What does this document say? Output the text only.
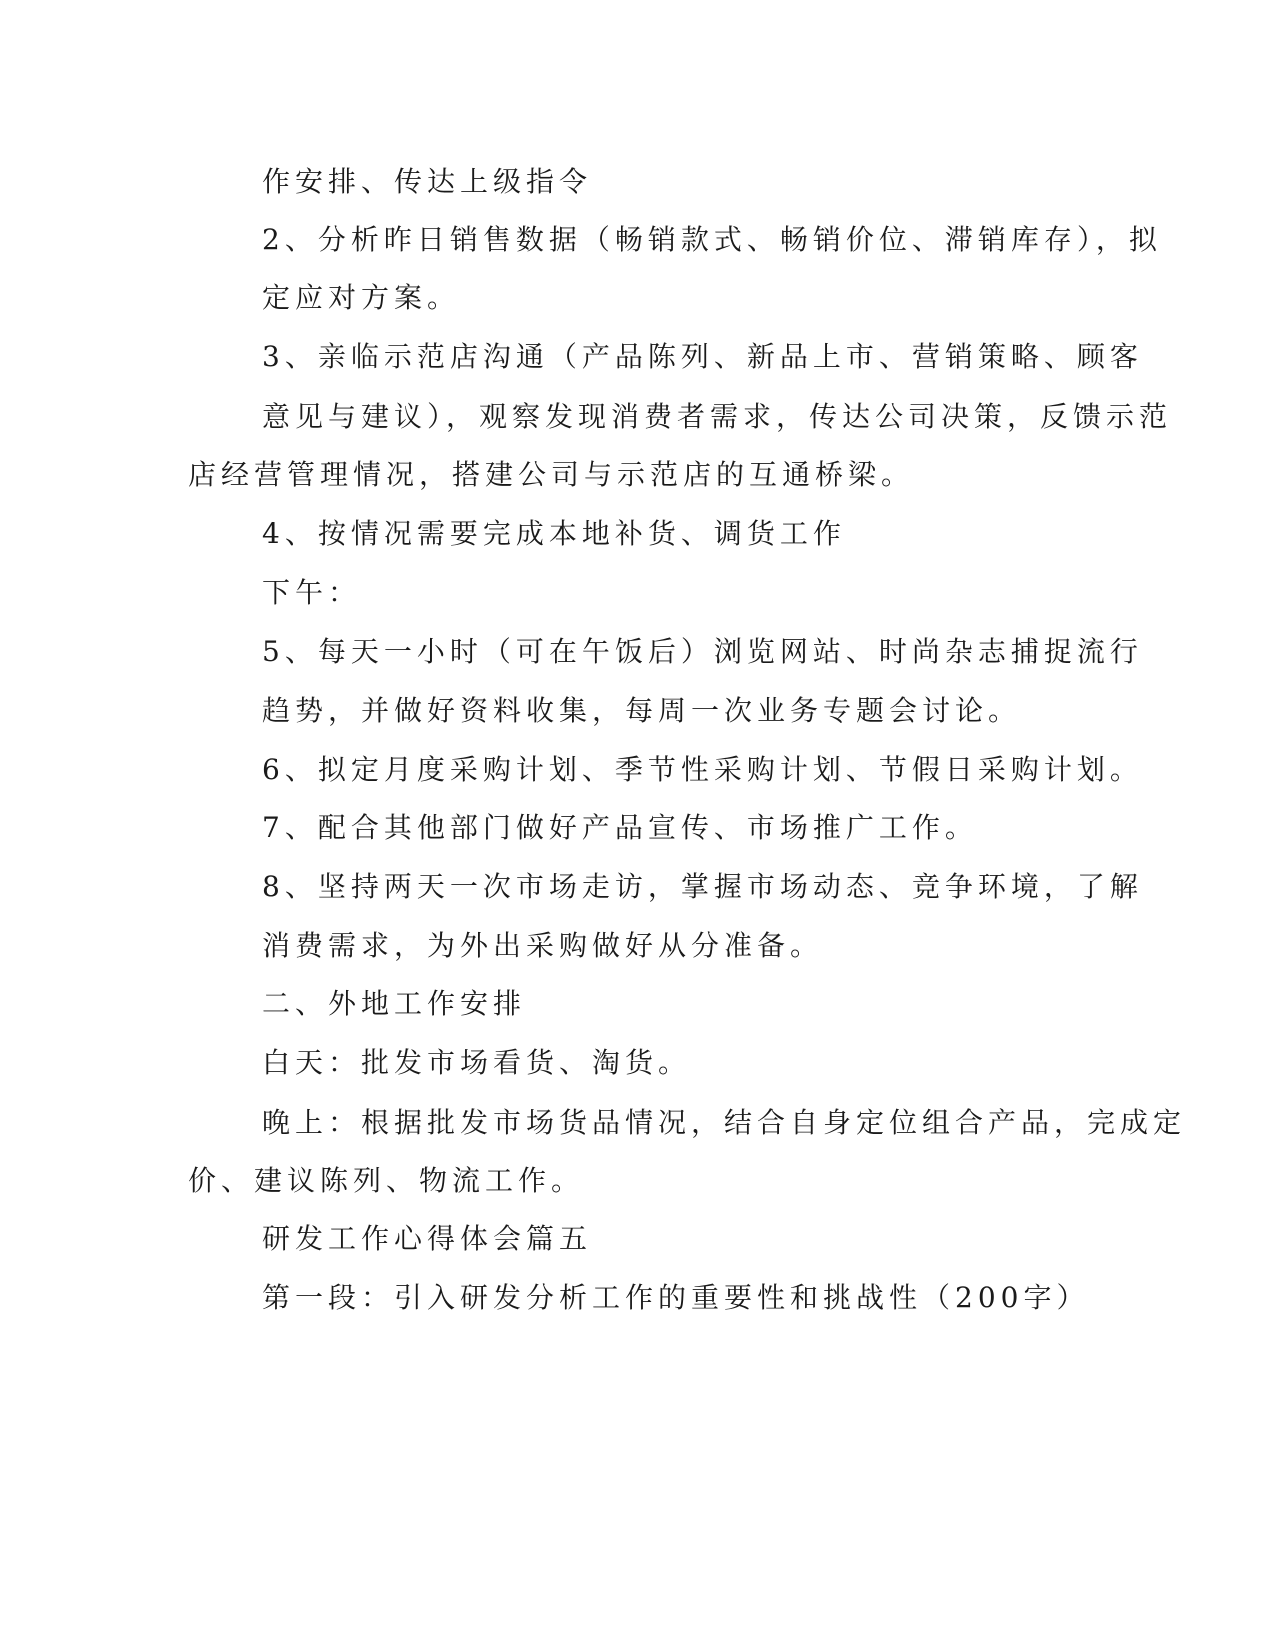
作安排、传达上级指令
2、分析昨日销售数据（畅销款式、畅销价位、滞销库存），拟
定应对方案。
3、亲临示范店沟通（产品陈列、新品上市、营销策略、顾客
意见与建议），观察发现消费者需求，传达公司决策，反馈示范
店经营管理情况，搭建公司与示范店的互通桥梁。
4、按情况需要完成本地补货、调货工作
下午：
5、每天一小时（可在午饭后）浏览网站、时尚杂志捕捉流行
趋势，并做好资料收集，每周一次业务专题会讨论。
6、拟定月度采购计划、季节性采购计划、节假日采购计划。
7、配合其他部门做好产品宣传、市场推广工作。
8、坚持两天一次市场走访，掌握市场动态、竞争环境，了解
消费需求，为外出采购做好从分准备。
二、外地工作安排
白天：批发市场看货、淘货。
晚上：根据批发市场货品情况，结合自身定位组合产品，完成定
价、建议陈列、物流工作。
研发工作心得体会篇五
第一段：引入研发分析工作的重要性和挑战性（200字）
